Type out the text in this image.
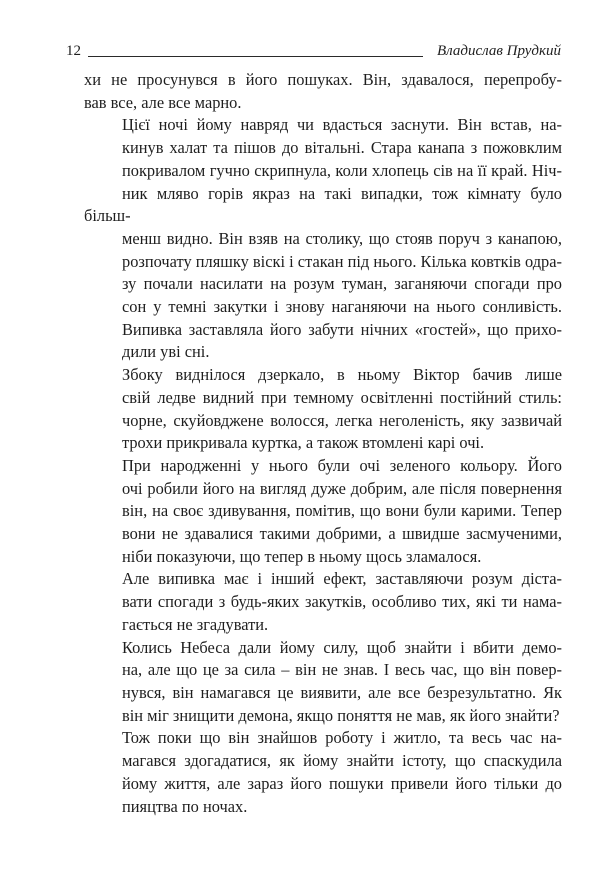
12	Владислав Прудкий

хи не просунувся в його пошуках. Він, здавалося, перепробу-
вав все, але все марно.

Цієї ночі йому навряд чи вдасться заснути. Він встав, на-
кинув халат та пішов до вітальні. Стара канапа з пожовклим
покривалом гучно скрипнула, коли хлопець сів на її край. Ніч-
ник мляво горів якраз на такі випадки, тож кімнату було більш-
менш видно. Він взяв на столику, що стояв поруч з канапою,
розпочату пляшку віскі і стакан під нього. Кілька ковтків одра-
зу почали насилати на розум туман, заганяючи спогади про
сон у темні закутки і знову наганяючи на нього сонливість.
Випивка заставляла його забути нічних «гостей», що прихо-
дили уві сні.

Збоку виднілося дзеркало, в ньому Віктор бачив лише
свій ледве видний при темному освітленні постійний стиль:
чорне, скуйовджене волосся, легка неголеність, яку зазвичай
трохи прикривала куртка, а також втомлені карі очі.

При народженні у нього були очі зеленого кольору. Його
очі робили його на вигляд дуже добрим, але після повернення
він, на своє здивування, помітив, що вони були карими. Тепер
вони не здавалися такими добрими, а швидше засмученими,
ніби показуючи, що тепер в ньому щось зламалося.

Але випивка має і інший ефект, заставляючи розум діста-
вати спогади з будь-яких закутків, особливо тих, які ти нама-
гається не згадувати.

Колись Небеса дали йому силу, щоб знайти і вбити демо-
на, але що це за сила – він не знав. І весь час, що він повер-
нувся, він намагався це виявити, але все безрезультатно. Як
він міг знищити демона, якщо поняття не мав, як його знайти?

Тож поки що він знайшов роботу і житло, та весь час на-
магався здогадатися, як йому знайти істоту, що спаскудила
йому життя, але зараз його пошуки привели його тільки до
пияцтва по ночах.
